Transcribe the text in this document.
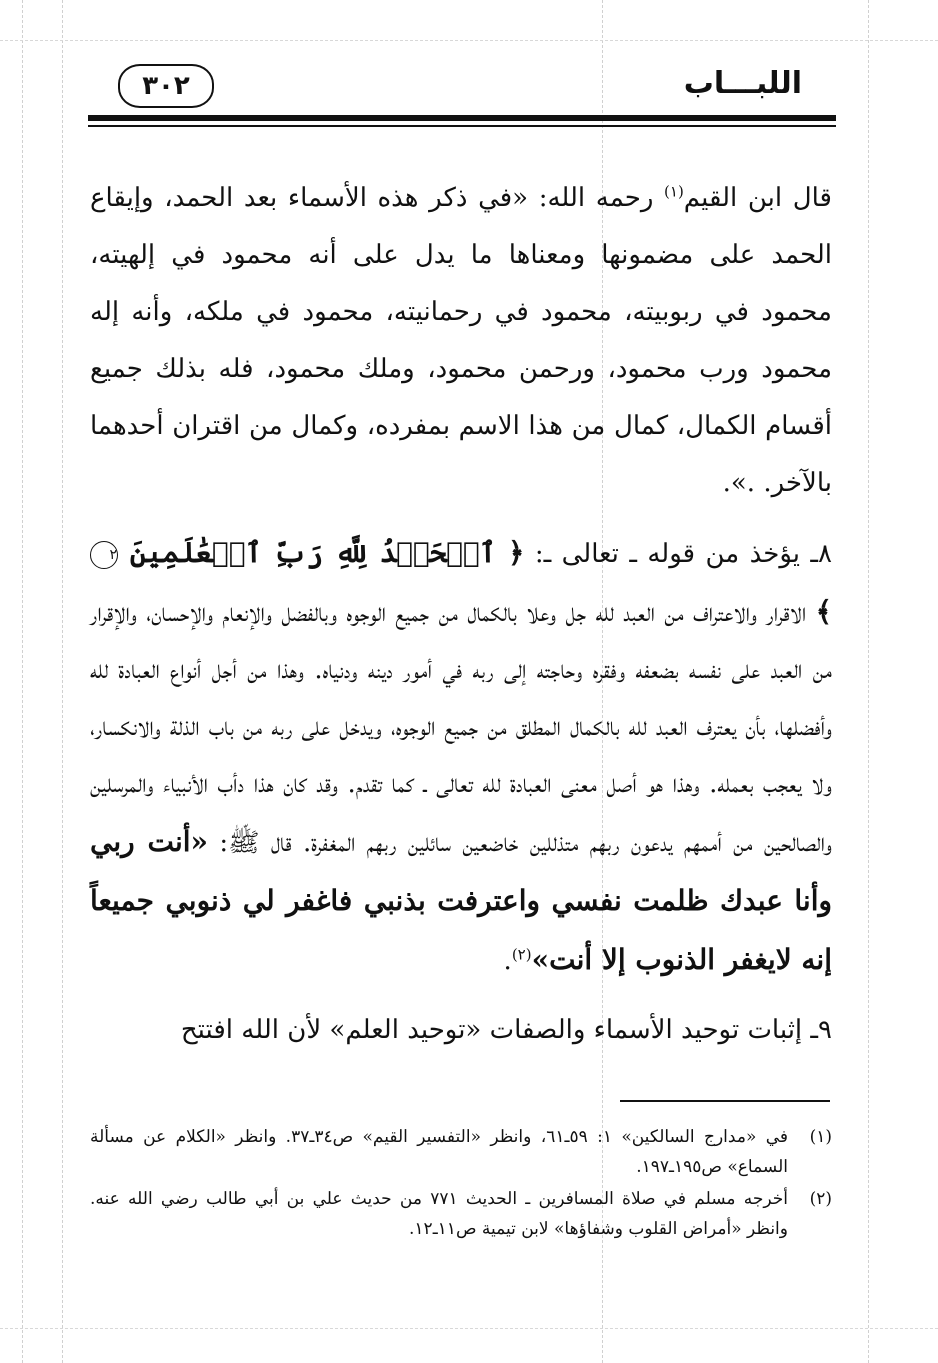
٣٠٢	اللبـــاب

قال ابن القيم$^{(١)}$ رحمه الله: «في ذكر هذه الأسماء بعد الحمد، وإيقاع الحمد على مضمونها ومعناها ما يدل على أنه محمود في إلهيته، محمود في ربوبيته، محمود في رحمانيته، محمود في ملكه، وأنه إله محمود ورب محمود، ورحمن محمود، وملك محمود، فله بذلك جميع أقسام الكمال، كمال من هذا الاسم بمفرده، وكمال من اقتران أحدهما بالآخر. .».

٨ـ يؤخذ من قوله ـ تعالى ـ: ﴿ ٱلۡحَمۡدُ لِلَّهِ رَبِّ ٱلۡعَٰلَمِينَ ٢ ﴾ الاقرار والاعتراف من العبد لله جل وعلا بالكمال من جميع الوجوه وبالفضل والإنعام والإحسان، والإقرار من العبد على نفسه بضعفه وفقره وحاجته إلى ربه في أمور دينه ودنياه. وهذا من أجل أنواع العبادة لله وأفضلها، بأن يعترف العبد لله بالكمال المطلق من جميع الوجوه، ويدخل على ربه من باب الذلة والانكسار، ولا يعجب بعمله. وهذا هو أصل معنى العبادة لله تعالى ـ كما تقدم. وقد كان هذا دأب الأنبياء والمرسلين والصالحين من أممهم يدعون ربهم متذللين خاضعين سائلين ربهم المغفرة. قال ﷺ: «أنت ربي وأنا عبدك ظلمت نفسي واعترفت بذنبي فاغفر لي ذنوبي جميعاً إنه لايغفر الذنوب إلا أنت»$^{(٢)}$.

٩ـ إثبات توحيد الأسماء والصفات «توحيد العلم» لأن الله افتتح

(١)
في «مدارج السالكين» ١: ٥٩ـ٦١، وانظر «التفسير القيم» ص٣٤ـ٣٧. وانظر «الكلام عن مسألة السماع» ص١٩٥ـ١٩٧.
(٢)
أخرجه مسلم في صلاة المسافرين ـ الحديث ٧٧١ من حديث علي بن أبي طالب رضي الله عنه. وانظر «أمراض القلوب وشفاؤها» لابن تيمية ص١١ـ١٢.
